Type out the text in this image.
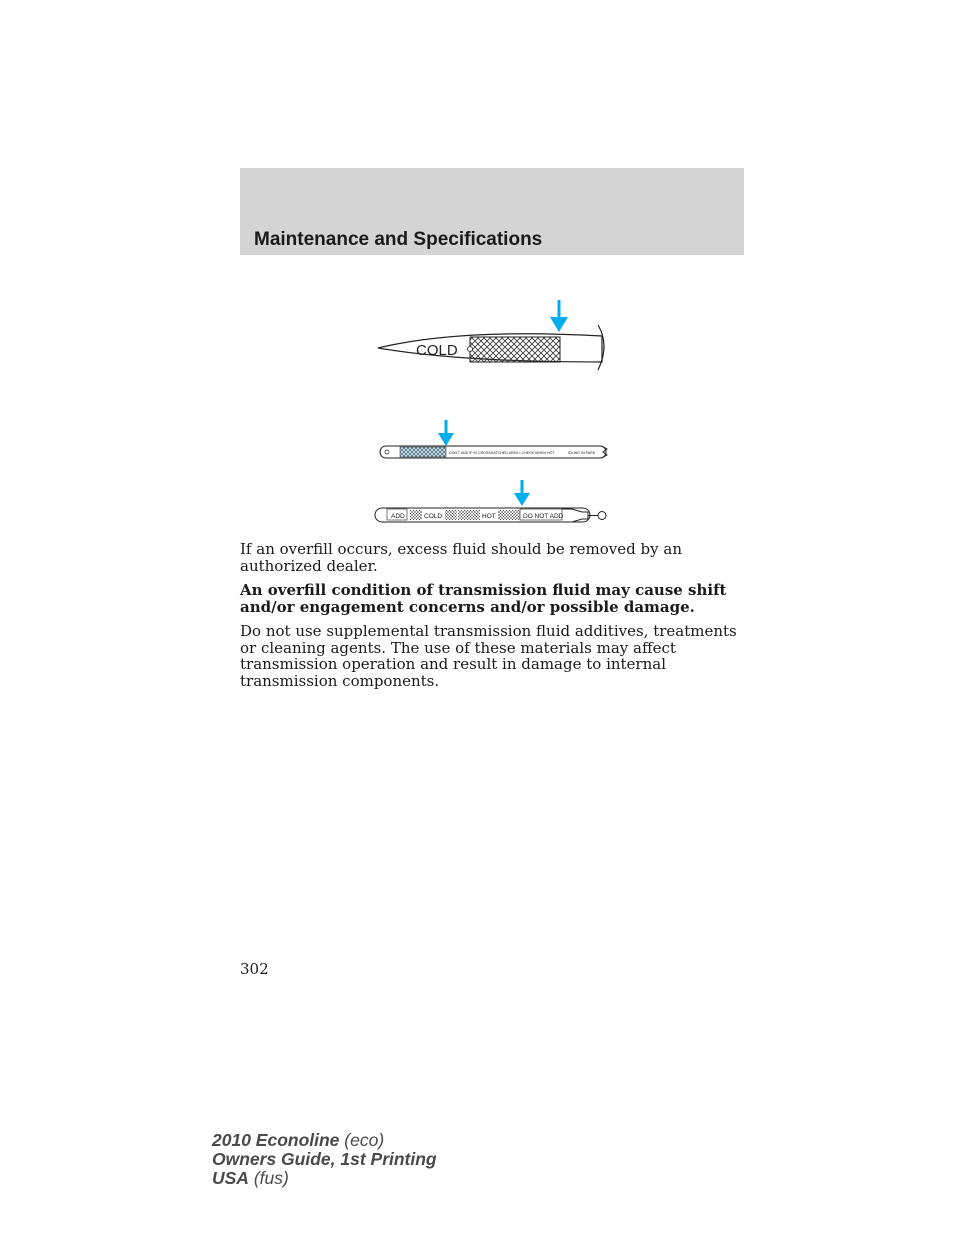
Maintenance and Specifications
COLD
DON'T ADD IF IN CROSSHATCHED AREA • CHECK WHEN HOT	IDLING IN PARK
ADD	COLD	HOT	DO NOT ADD

If an overfill occurs, excess fluid should be removed by an authorized dealer.

An overfill condition of transmission fluid may cause shift and/or engagement concerns and/or possible damage.

Do not use supplemental transmission fluid additives, treatments or cleaning agents. The use of these materials may affect transmission operation and result in damage to internal transmission components.

302
2010 Econoline (eco)
Owners Guide, 1st Printing
USA (fus)
